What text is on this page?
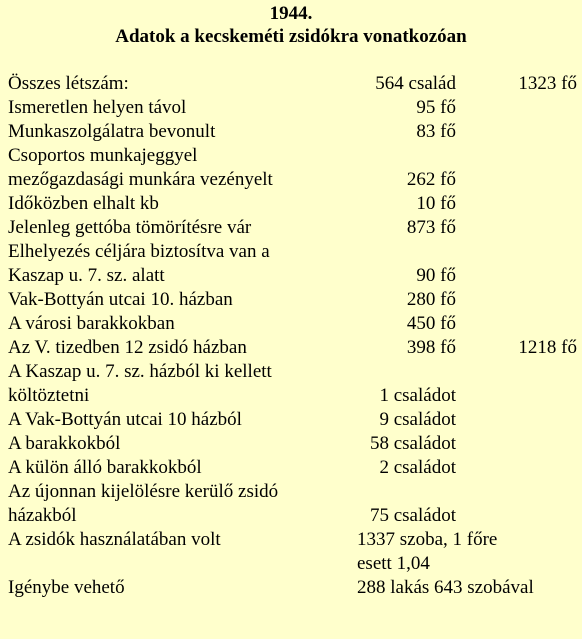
1944.
Adatok a kecskeméti zsidókra vonatkozóan
Összes létszám:	564 család	1323 fő
Ismeretlen helyen távol	95 fő
Munkaszolgálatra bevonult	83 fő
Csoportos munkajeggyel
mezőgazdasági munkára vezényelt	262 fő
Időközben elhalt kb	10 fő
Jelenleg gettóba tömörítésre vár	873 fő
Elhelyezés céljára biztosítva van a
Kaszap u. 7. sz. alatt	90 fő
Vak-Bottyán utcai 10. házban	280 fő
A városi barakkokban	450 fő
Az V. tizedben 12 zsidó házban	398 fő	1218 fő
A Kaszap u. 7. sz. házból ki kellett
költöztetni	1 családot
A Vak-Bottyán utcai 10 házból	9 családot
A barakkokból	58 családot
A külön álló barakkokból	2 családot
Az újonnan kijelölésre kerülő zsidó
házakból	75 családot
A zsidók használatában volt	1337 szoba, 1 főre
esett 1,04
Igénybe vehető	288 lakás 643 szobával
